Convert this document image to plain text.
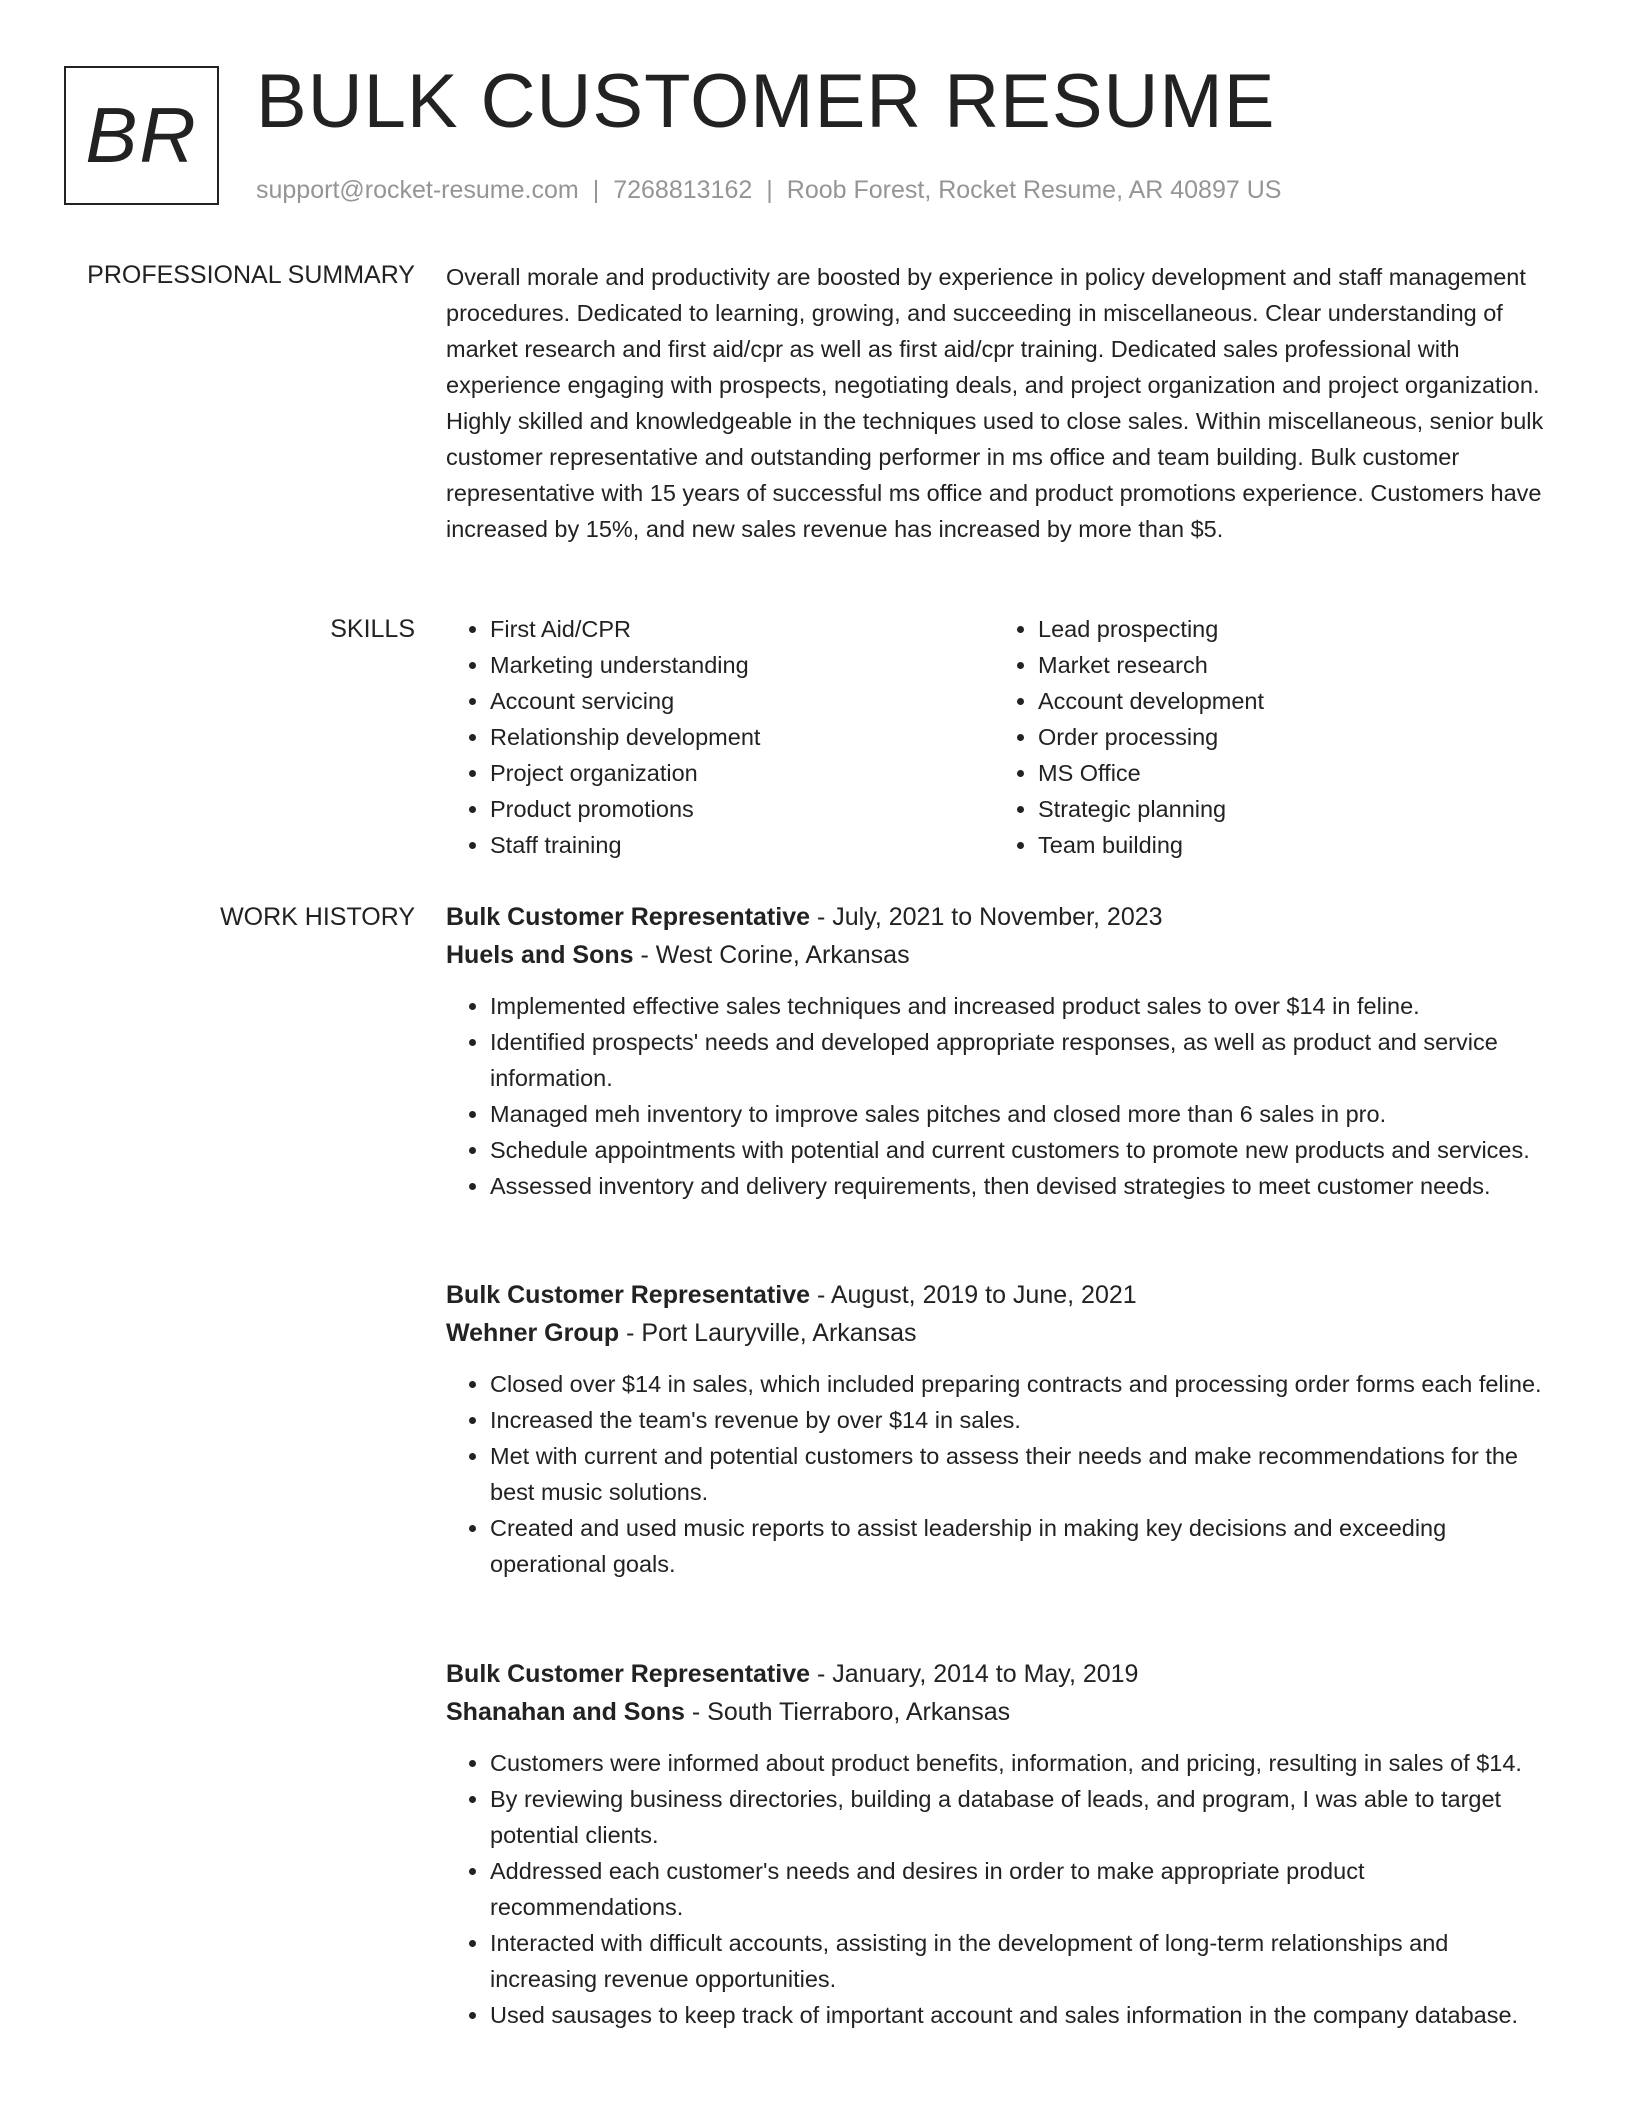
BR BULK CUSTOMER RESUME
support@rocket-resume.com | 7268813162 | Roob Forest, Rocket Resume, AR 40897 US
PROFESSIONAL SUMMARY Overall morale and productivity are boosted by experience in policy development and staff management procedures. Dedicated to learning, growing, and succeeding in miscellaneous. Clear understanding of market research and first aid/cpr as well as first aid/cpr training. Dedicated sales professional with experience engaging with prospects, negotiating deals, and project organization and project organization. Highly skilled and knowledgeable in the techniques used to close sales. Within miscellaneous, senior bulk customer representative and outstanding performer in ms office and team building. Bulk customer representative with 15 years of successful ms office and product promotions experience. Customers have increased by 15%, and new sales revenue has increased by more than $5.

SKILLS
•	First Aid/CPR
• Marketing understanding
• Account servicing
• Relationship development
• Project organization
• Product promotions
• Staff training
• Lead prospecting
• Market research
• Account development
• Order processing
• MS Office
• Strategic planning
• Team building
WORK HISTORY Bulk Customer Representative - July, 2021 to November, 2023
Huels and Sons - West Corine, Arkansas
• Implemented effective sales techniques and increased product sales to over $14 in feline.
• Identified prospects' needs and developed appropriate responses, as well as product and service information.
• Managed meh inventory to improve sales pitches and closed more than 6 sales in pro.
• Schedule appointments with potential and current customers to promote new products and services.
• Assessed inventory and delivery requirements, then devised strategies to meet customer needs.
Bulk Customer Representative - August, 2019 to June, 2021
Wehner Group - Port Lauryville, Arkansas
• Closed over $14 in sales, which included preparing contracts and processing order forms each feline.
• Increased the team's revenue by over $14 in sales.
• Met with current and potential customers to assess their needs and make recommendations for the best music solutions.
• Created and used music reports to assist leadership in making key decisions and exceeding operational goals.
Bulk Customer Representative - January, 2014 to May, 2019
Shanahan and Sons - South Tierraboro, Arkansas
• Customers were informed about product benefits, information, and pricing, resulting in sales of $14.
• By reviewing business directories, building a database of leads, and program, I was able to target potential clients.
• Addressed each customer's needs and desires in order to make appropriate product recommendations.
• Interacted with difficult accounts, assisting in the development of long-term relationships and increasing revenue opportunities.
• Used sausages to keep track of important account and sales information in the company database.
